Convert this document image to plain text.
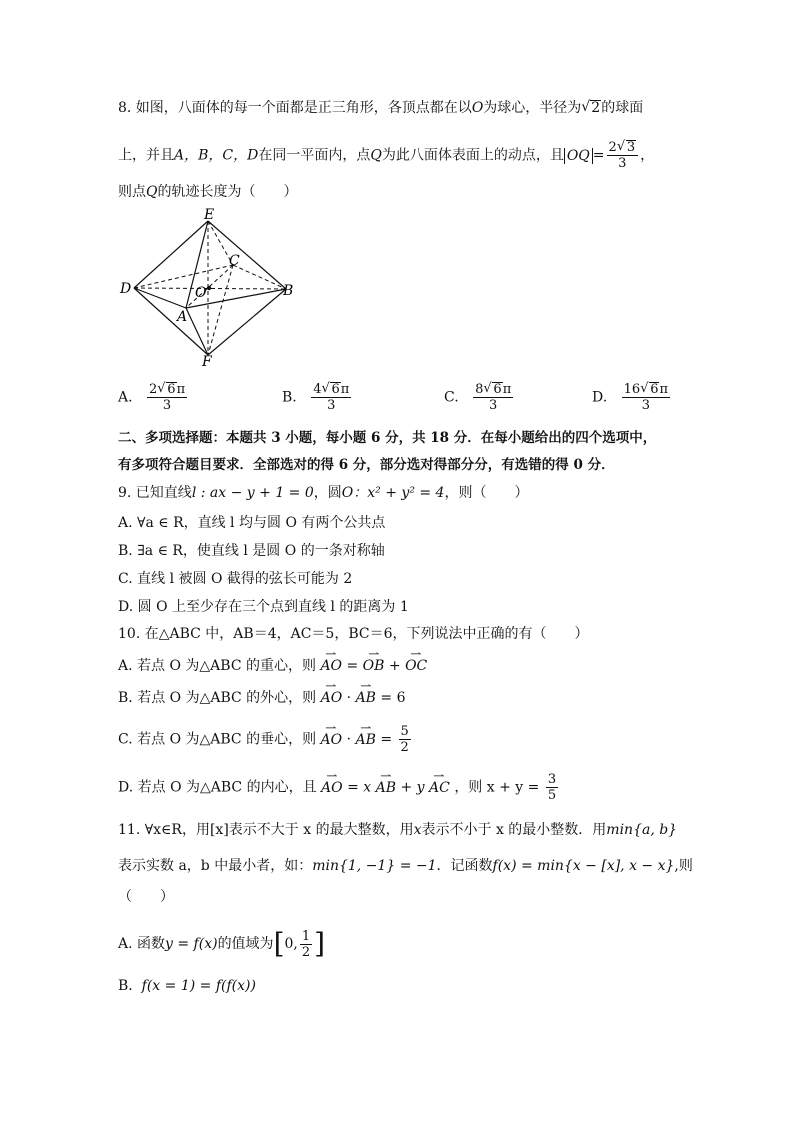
8. 如图，八面体的每一个面都是正三角形，各顶点都在以O为球心，半径为 √ 2的球面
上，并且A，B，C，D在同一平面内，点Q为此八面体表面上的动点，且 OQ = $\frac{2 √ 3}{3}$ ，
则点Q的轨迹长度为（　　）
E
C
D	O	B
A
F
A. $\frac{2 √ 6\pi}{3}$	B. $\frac{4 √ 6\pi}{3}$	C. $\frac{8 √ 6\pi}{3}$	D. $\frac{16 √ 6\pi}{3}$
二、多项选择题：本题共 3 小题，每小题 6 分，共 18 分．在每小题给出的四个选项中，
有多项符合题目要求．全部选对的得 6 分，部分选对得部分分，有选错的得 0 分．
9. 已知直线l : ax − y + 1 = 0，圆O：x² + y² = 4，则（　　）
A. ∀a ∈ R，直线 l 均与圆 O 有两个公共点
B. ∃a ∈ R，使直线 l 是圆 O 的一条对称轴
C. 直线 l 被圆 O 截得的弦长可能为 2
D. 圆 O 上至少存在三个点到直线 l 的距离为 1
10. 在△ABC 中，AB＝4，AC＝5，BC＝6，下列说法中正确的有（　　）
A. 若点 O 为△ABC 的重心，则 ⇀ AO = ⇀ OB + ⇀ OC
B. 若点 O 为△ABC 的外心，则 ⇀ AO · ⇀ AB = 6
C. 若点 O 为△ABC 的垂心，则 ⇀ AO · ⇀ AB = $\frac{5}{2}$
D. 若点 O 为△ABC 的内心，且 ⇀ AO = x ⇀ AB + y ⇀ AC ，则 $x + y = \frac{3}{5}$
11. ∀x∈R，用[x]表示不大于 x 的最大整数，用x表示不小于 x 的最小整数．用min{a, b}
表示实数 a，b 中最小者，如：min{1, −1} = −1．记函数f(x) = min{x − [x], x − x},则
（　　）
A. 函数y = f(x)的值域为[0, $\frac{1}{2}$ ]
B. f(x = 1) = f(f(x))
